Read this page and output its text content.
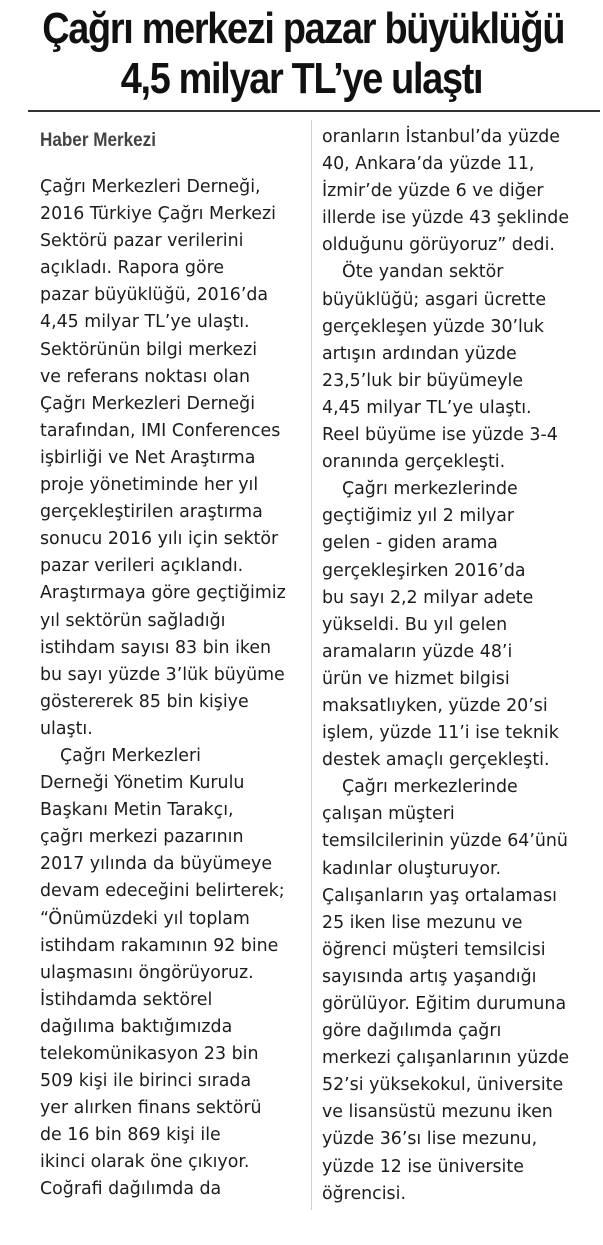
Çağrı merkezi pazar büyüklüğü
4,5 milyar TL’ye ulaştı
Haber Merkezi
Çağrı Merkezleri Derneği,
2016 Türkiye Çağrı Merkezi
Sektörü pazar verilerini
açıkladı. Rapora göre
pazar büyüklüğü, 2016’da
4,45 milyar TL’ye ulaştı.
Sektörünün bilgi merkezi
ve referans noktası olan
Çağrı Merkezleri Derneği
tarafından, IMI Conferences
işbirliği ve Net Araştırma
proje yönetiminde her yıl
gerçekleştirilen araştırma
sonucu 2016 yılı için sektör
pazar verileri açıklandı.
Araştırmaya göre geçtiğimiz
yıl sektörün sağladığı
istihdam sayısı 83 bin iken
bu sayı yüzde 3’lük büyüme
göstererek 85 bin kişiye
ulaştı.
Çağrı Merkezleri
Derneği Yönetim Kurulu
Başkanı Metin Tarakçı,
çağrı merkezi pazarının
2017 yılında da büyümeye
devam edeceğini belirterek;
“Önümüzdeki yıl toplam
istihdam rakamının 92 bine
ulaşmasını öngörüyoruz.
İstihdamda sektörel
dağılıma baktığımızda
telekomünikasyon 23 bin
509 kişi ile birinci sırada
yer alırken finans sektörü
de 16 bin 869 kişi ile
ikinci olarak öne çıkıyor.
Coğrafi dağılımda da
oranların İstanbul’da yüzde
40, Ankara’da yüzde 11,
İzmir’de yüzde 6 ve diğer
illerde ise yüzde 43 şeklinde
olduğunu görüyoruz” dedi.
Öte yandan sektör
büyüklüğü; asgari ücrette
gerçekleşen yüzde 30’luk
artışın ardından yüzde
23,5’luk bir büyümeyle
4,45 milyar TL’ye ulaştı.
Reel büyüme ise yüzde 3-4
oranında gerçekleşti.
Çağrı merkezlerinde
geçtiğimiz yıl 2 milyar
gelen - giden arama
gerçekleşirken 2016’da
bu sayı 2,2 milyar adete
yükseldi. Bu yıl gelen
aramaların yüzde 48’i
ürün ve hizmet bilgisi
maksatlıyken, yüzde 20’si
işlem, yüzde 11’i ise teknik
destek amaçlı gerçekleşti.
Çağrı merkezlerinde
çalışan müşteri
temsilcilerinin yüzde 64’ünü
kadınlar oluşturuyor.
Çalışanların yaş ortalaması
25 iken lise mezunu ve
öğrenci müşteri temsilcisi
sayısında artış yaşandığı
görülüyor. Eğitim durumuna
göre dağılımda çağrı
merkezi çalışanlarının yüzde
52’si yüksekokul, üniversite
ve lisansüstü mezunu iken
yüzde 36’sı lise mezunu,
yüzde 12 ise üniversite
öğrencisi.
